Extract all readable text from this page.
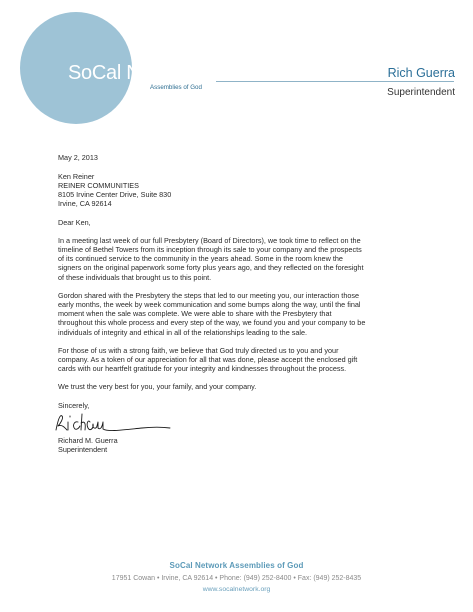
SoCal Network
Assemblies of God
Rich Guerra
Superintendent

May 2, 2013

Ken Reiner

REINER COMMUNITIES

8105 Irvine Center Drive, Suite 830

Irvine, CA 92614

Dear Ken,

In a meeting last week of our full Presbytery (Board of Directors), we took time to reflect on the

timeline of Bethel Towers from its inception through its sale to your company and the prospects

of its continued service to the community in the years ahead. Some in the room knew the

signers on the original paperwork some forty plus years ago, and they reflected on the foresight

of these individuals that brought us to this point.

Gordon shared with the Presbytery the steps that led to our meeting you, our interaction those

early months, the week by week communication and some bumps along the way, until the final

moment when the sale was complete. We were able to share with the Presbytery that

throughout this whole process and every step of the way, we found you and your company to be

individuals of integrity and ethical in all of the relationships leading to the sale.

For those of us with a strong faith, we believe that God truly directed us to you and your

company. As a token of our appreciation for all that was done, please accept the enclosed gift

cards with our heartfelt gratitude for your integrity and kindnesses throughout the process.

We trust the very best for you, your family, and your company.

Sincerely,

Richard M. Guerra

Superintendent

SoCal Network Assemblies of God
17951 Cowan • Irvine, CA 92614 • Phone: (949) 252-8400 • Fax: (949) 252-8435
www.socalnetwork.org
